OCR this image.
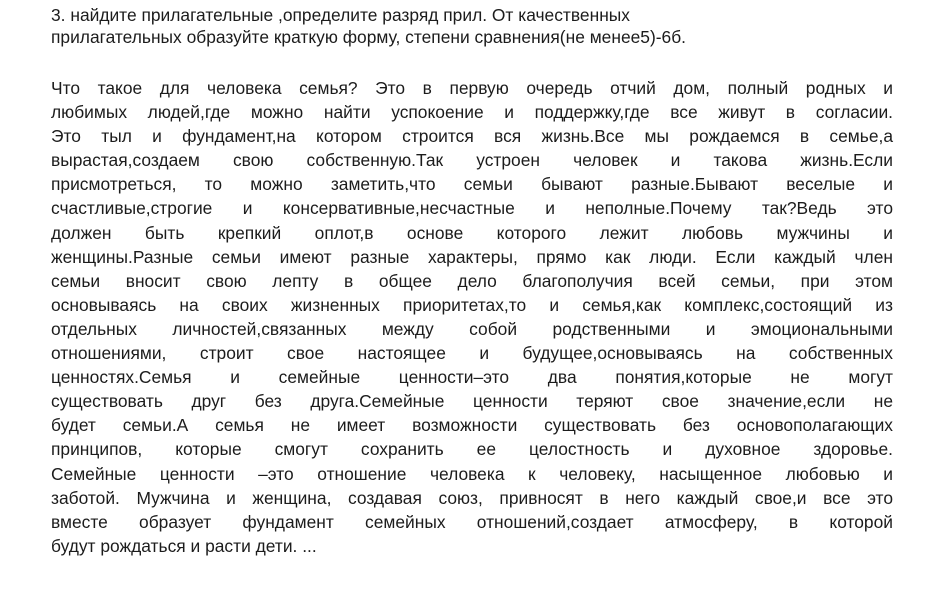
3. найдите прилагательные ,определите разряд прил. От качественных
прилагательных образуйте краткую форму, степени сравнения(не менее5)-6б.
Что такое для человека семья? Это в первую очередь отчий дом, полный родных и
любимых людей,где можно найти успокоение и поддержку,где все живут в согласии.
Это тыл и фундамент,на котором строится вся жизнь.Все мы рождаемся в семье,а
вырастая,создаем свою собственную.Так устроен человек и такова жизнь.Если
присмотреться, то можно заметить,что семьи бывают разные.Бывают веселые и
счастливые,строгие и консервативные,несчастные и неполные.Почему так?Ведь это
должен быть крепкий оплот,в основе которого лежит любовь мужчины и
женщины.Разные семьи имеют разные характеры, прямо как люди. Если каждый член
семьи вносит свою лепту в общее дело благополучия всей семьи, при этом
основываясь на своих жизненных приоритетах,то и семья,как комплекс,состоящий из
отдельных личностей,связанных между собой родственными и эмоциональными
отношениями, строит свое настоящее и будущее,основываясь на собственных
ценностях.Семья и семейные ценности–это два понятия,которые не могут
существовать друг без друга.Семейные ценности теряют свое значение,если не
будет семьи.А семья не имеет возможности существовать без основополагающих
принципов, которые смогут сохранить ее целостность и духовное здоровье.
Семейные ценности –это отношение человека к человеку, насыщенное любовью и
заботой. Мужчина и женщина, создавая союз, привносят в него каждый свое,и все это
вместе образует фундамент семейных отношений,создает атмосферу, в которой
будут рождаться и расти дети. ...
